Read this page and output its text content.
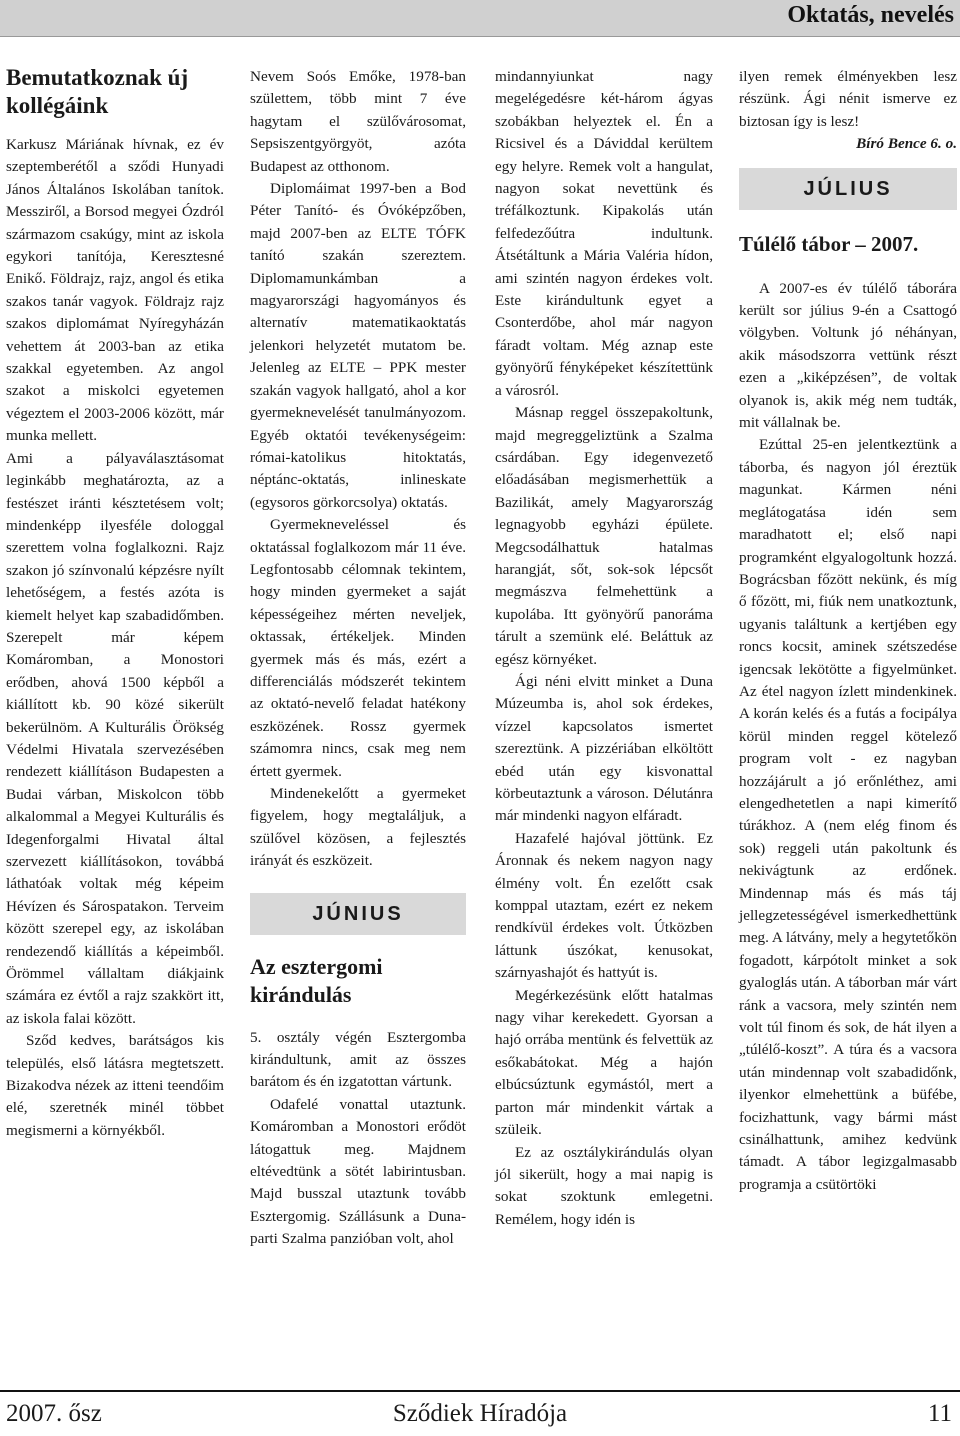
Oktatás, nevelés
Bemutatkoznak új kollégáink

Karkusz Máriának hívnak, ez év szeptemberétől a sződi Hunyadi János Általános Iskolában tanítok. Messziről, a Borsod megyei Ózdról származom csakúgy, mint az iskola egykori tanítója, Keresztesné Enikő. Földrajz, rajz, angol és etika szakos tanár vagyok. Földrajz rajz szakos diplomámat Nyíregyházán vehettem át 2003-ban az etika szakkal egyetemben. Az angol szakot a miskolci egyetemen végeztem el 2003-2006 között, már munka mellett.

Ami a pályaválasztásomat leginkább meghatározta, az a festészet iránti késztetésem volt; mindenképp ilyesféle dologgal szerettem volna foglalkozni. Rajz szakon jó színvonalú képzésre nyílt lehetőségem, a festés azóta is kiemelt helyet kap szabadidőmben. Szerepelt már képem Komáromban, a Monostori erődben, ahová 1500 képből a kiállított kb. 90 közé sikerült bekerülnöm. A Kulturális Örökség Védelmi Hivatala szervezésében rendezett kiállításon Budapesten a Budai várban, Miskolcon több alkalommal a Megyei Kulturális és Idegenforgalmi Hivatal által szervezett kiállításokon, továbbá láthatóak voltak még képeim Hévízen és Sárospatakon. Terveim között szerepel egy, az iskolában rendezendő kiállítás a képeimből. Örömmel vállaltam diákjaink számára ez évtől a rajz szakkört itt, az iskola falai között.

Sződ kedves, barátságos kis település, első látásra megtetszett. Bizakodva nézek az itteni teendőim elé, szeretnék minél többet megismerni a környékből.

Nevem Soós Emőke, 1978-ban születtem, több mint 7 éve hagytam el szülővárosomat, Sepsiszentgyörgyöt, azóta Budapest az otthonom.

Diplomáimat 1997-ben a Bod Péter Tanító- és Óvóképzőben, majd 2007-ben az ELTE TÓFK tanító szakán szereztem. Diplomamunkámban a magyarországi hagyományos és alternatív matematikaoktatás jelenkori helyzetét mutatom be. Jelenleg az ELTE – PPK mester szakán vagyok hallgató, ahol a kor gyermeknevelését tanulmányozom. Egyéb oktatói tevékenységeim: római-katolikus hitoktatás, néptánc-oktatás, inlineskate (egysoros görkorcsolya) oktatás.

Gyermekneveléssel és oktatással foglalkozom már 11 éve. Legfontosabb célomnak tekintem, hogy minden gyermeket a saját képességeihez mérten neveljek, oktassak, értékeljek. Minden gyermek más és más, ezért a differenciálás módszerét tekintem az oktató-nevelő feladat hatékony eszközének. Rossz gyermek számomra nincs, csak meg nem értett gyermek.

Mindenekelőtt a gyermeket figyelem, hogy megtaláljuk, a szülővel közösen, a fejlesztés irányát és eszközeit.

JÚNIUS
Az esztergomi kirándulás

5. osztály végén Esztergomba kirándultunk, amit az összes barátom és én izgatottan vártunk.

Odafelé vonattal utaztunk. Komáromban a Monostori erődöt látogattuk meg. Majdnem eltévedtünk a sötét labirintusban. Majd busszal utaztunk tovább Esztergomig. Szállásunk a Duna-parti Szalma panzióban volt, ahol

mindannyiunkat nagy megelégedésre két-három ágyas szobákban helyeztek el. Én a Ricsivel és a Dáviddal kerültem egy helyre. Remek volt a hangulat, nagyon sokat nevettünk és tréfálkoztunk. Kipakolás után felfedezőútra indultunk. Átsétáltunk a Mária Valéria hídon, ami szintén nagyon érdekes volt. Este kirándultunk egyet a Csonterdőbe, ahol már nagyon fáradt voltam. Még aznap este gyönyörű fényképeket készítettünk a városról.

Másnap reggel összepakoltunk, majd megreggeliztünk a Szalma csárdában. Egy idegenvezető előadásában megismerhettük a Bazilikát, amely Magyarország legnagyobb egyházi épülete. Megcsodálhattuk hatalmas harangját, sőt, sok-sok lépcsőt megmászva felmehettünk a kupolába. Itt gyönyörű panoráma tárult a szemünk elé. Beláttuk az egész környéket.

Ági néni elvitt minket a Duna Múzeumba is, ahol sok érdekes, vízzel kapcsolatos ismertet szereztünk. A pizzériában elköltött ebéd után egy kisvonattal körbeutaztunk a városon. Délutánra már mindenki nagyon elfáradt.

Hazafelé hajóval jöttünk. Ez Áronnak és nekem nagyon nagy élmény volt. Én ezelőtt csak komppal utaztam, ezért ez nekem rendkívül érdekes volt. Útközben láttunk úszókat, kenusokat, szárnyashajót és hattyút is.

Megérkezésünk előtt hatalmas nagy vihar kerekedett. Gyorsan a hajó orrába mentünk és felvettük az esőkabátokat. Még a hajón elbúcsúztunk egymástól, mert a parton már mindenkit vártak a szüleik.

Ez az osztálykirándulás olyan jól sikerült, hogy a mai napig is sokat szoktunk emlegetni. Remélem, hogy idén is

ilyen remek élményekben lesz részünk. Ági nénit ismerve ez biztosan így is lesz!

Bíró Bence 6. o.

JÚLIUS
Túlélő tábor – 2007.

A 2007-es év túlélő táborára került sor július 9-én a Csattogó völgyben. Voltunk jó néhányan, akik másodszorra vettünk részt ezen a „kiképzésen”, de voltak olyanok is, akik még nem tudták, mit vállalnak be.

Ezúttal 25-en jelentkeztünk a táborba, és nagyon jól éreztük magunkat. Kármen néni meglátogatása idén sem maradhatott el; első napi programként elgyalogoltunk hozzá. Bográcsban főzött nekünk, és míg ő főzött, mi, fiúk nem unatkoztunk, ugyanis találtunk a kertjében egy roncs kocsit, aminek szétszedése igencsak lekötötte a figyelmünket. Az étel nagyon ízlett mindenkinek. A korán kelés és a futás a focipálya körül minden reggel kötelező program volt - ez nagyban hozzájárult a jó erőnléthez, ami elengedhetetlen a napi kimerítő túrákhoz. A (nem elég finom és sok) reggeli után pakoltunk és nekivágtunk az erdőnek. Mindennap más és más táj jellegzetességével ismerkedhettünk meg. A látvány, mely a hegytetőkön fogadott, kárpótolt minket a sok gyaloglás után. A táborban már várt ránk a vacsora, mely szintén nem volt túl finom és sok, de hát ilyen a „túlélő-koszt”. A túra és a vacsora után mindennap volt szabadidőnk, ilyenkor elmehettünk a büfébe, focizhattunk, vagy bármi mást csinálhattunk, amihez kedvünk támadt. A tábor legizgalmasabb programja a csütörtöki

2007. ősz	Sződiek Híradója	11
